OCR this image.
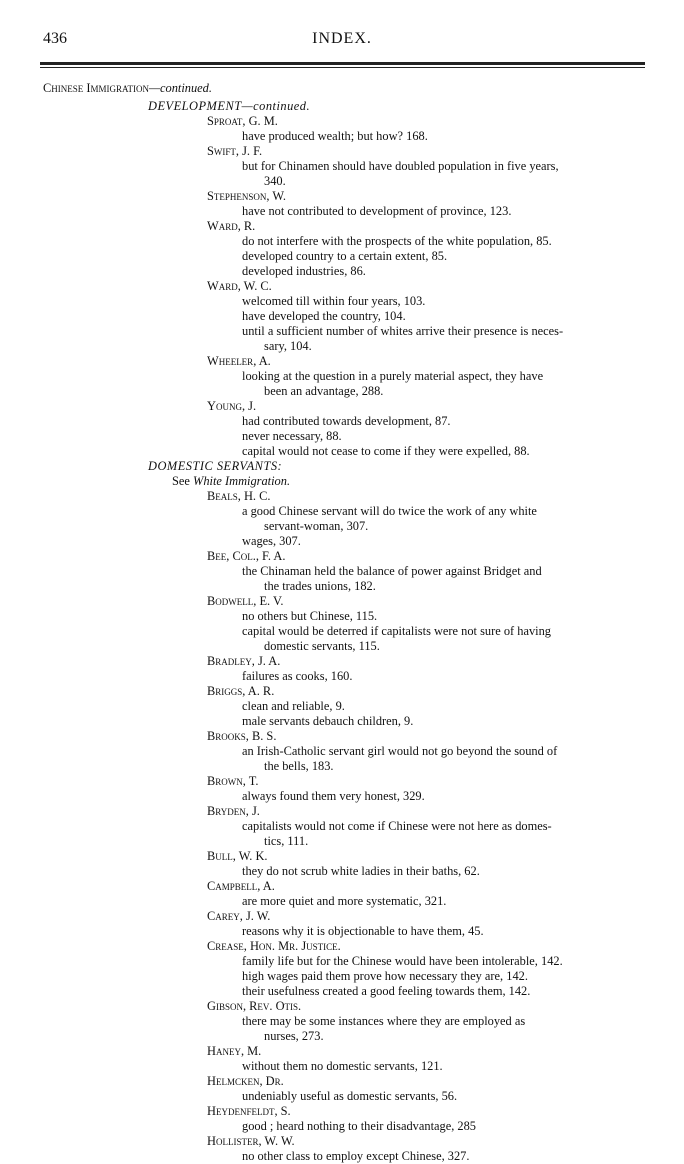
436	INDEX.
Chinese Immigration—continued.
DEVELOPMENT—continued.
Sproat, G. M.
have produced wealth; but how? 168.
Swift, J. F.
but for Chinamen should have doubled population in five years,
340.
Stephenson, W.
have not contributed to development of province, 123.
Ward, R.
do not interfere with the prospects of the white population, 85.
developed country to a certain extent, 85.
developed industries, 86.
Ward, W. C.
welcomed till within four years, 103.
have developed the country, 104.
until a sufficient number of whites arrive their presence is neces-
sary, 104.
Wheeler, A.
looking at the question in a purely material aspect, they have
been an advantage, 288.
Young, J.
had contributed towards development, 87.
never necessary, 88.
capital would not cease to come if they were expelled, 88.
DOMESTIC SERVANTS:
See White Immigration.
Beals, H. C.
a good Chinese servant will do twice the work of any white
servant-woman, 307.
wages, 307.
Bee, Col., F. A.
the Chinaman held the balance of power against Bridget and
the trades unions, 182.
Bodwell, E. V.
no others but Chinese, 115.
capital would be deterred if capitalists were not sure of having
domestic servants, 115.
Bradley, J. A.
failures as cooks, 160.
Briggs, A. R.
clean and reliable, 9.
male servants debauch children, 9.
Brooks, B. S.
an Irish-Catholic servant girl would not go beyond the sound of
the bells, 183.
Brown, T.
always found them very honest, 329.
Bryden, J.
capitalists would not come if Chinese were not here as domes-
tics, 111.
Bull, W. K.
they do not scrub white ladies in their baths, 62.
Campbell, A.
are more quiet and more systematic, 321.
Carey, J. W.
reasons why it is objectionable to have them, 45.
Crease, Hon. Mr. Justice.
family life but for the Chinese would have been intolerable, 142.
high wages paid them prove how necessary they are, 142.
their usefulness created a good feeling towards them, 142.
Gibson, Rev. Otis.
there may be some instances where they are employed as
nurses, 273.
Haney, M.
without them no domestic servants, 121.
Helmcken, Dr.
undeniably useful as domestic servants, 56.
Heydenfeldt, S.
good ; heard nothing to their disadvantage, 285
Hollister, W. W.
no other class to employ except Chinese, 327.
